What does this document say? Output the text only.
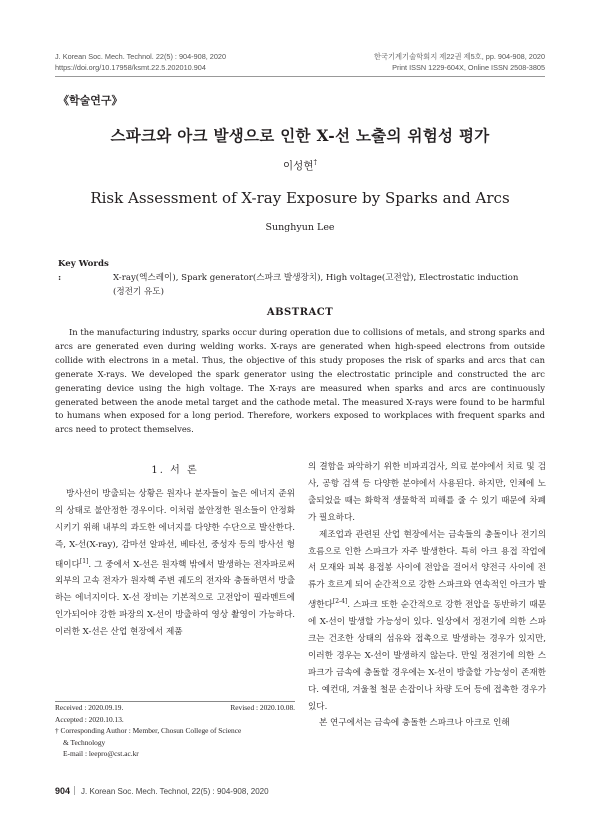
J. Korean Soc. Mech. Technol. 22(5) : 904-908, 2020
https://doi.org/10.17958/ksmt.22.5.202010.904
한국기계기술학회지 제22권 제5호, pp. 904-908, 2020
Print ISSN 1229-604X, Online ISSN 2508-3805
《학술연구》
스파크와 아크 발생으로 인한 X-선 노출의 위험성 평가
이성현†
Risk Assessment of X-ray Exposure by Sparks and Arcs
Sunghyun Lee
Key Words :	X-ray(엑스레이), Spark generator(스파크 발생장치), High voltage(고전압), Electrostatic induction
(정전기 유도)
ABSTRACT
In the manufacturing industry, sparks occur during operation due to collisions of metals, and strong sparks and arcs are generated even during welding works. X-rays are generated when high-speed electrons from outside collide with electrons in a metal. Thus, the objective of this study proposes the risk of sparks and arcs that can generate X-rays. We developed the spark generator using the electrostatic principle and constructed the arc generating device using the high voltage. The X-rays are measured when sparks and arcs are continuously generated between the anode metal target and the cathode metal. The measured X-rays were found to be harmful to humans when exposed for a long period. Therefore, workers exposed to workplaces with frequent sparks and arcs need to protect themselves.
1. 서 론

방사선이 방출되는 상황은 원자나 분자들이 높은 에너지 준위의 상태로 불안정한 경우이다. 이처럼 불안정한 원소들이 안정화시키기 위해 내부의 과도한 에너지를 다양한 수단으로 발산한다. 즉, X-선(X-ray), 감마선 알파선, 베타선, 중성자 등의 방사선 형태이다[1]. 그 중에서 X-선은 원자핵 밖에서 발생하는 전자파로써 외부의 고속 전자가 원자핵 주변 궤도의 전자와 충돌하면서 방출하는 에너지이다. X-선 장비는 기본적으로 고전압이 필라멘트에 인가되어야 강한 파장의 X-선이 방출하여 영상 촬영이 가능하다. 이러한 X-선은 산업 현장에서 제품

의 결함을 파악하기 위한 비파괴검사, 의료 분야에서 치료 및 검사, 공항 검색 등 다양한 분야에서 사용된다. 하지만, 인체에 노출되었을 때는 화학적 생물학적 피해를 줄 수 있기 때문에 차폐가 필요하다.

제조업과 관련된 산업 현장에서는 금속들의 충돌이나 전기의 흐름으로 인한 스파크가 자주 발생한다. 특히 아크 용접 작업에서 모재와 피복 용접봉 사이에 전압을 걸어서 양전극 사이에 전류가 흐르게 되어 순간적으로 강한 스파크와 연속적인 아크가 발생한다[2-4]. 스파크 또한 순간적으로 강한 전압을 동반하기 때문에 X-선이 발생할 가능성이 있다. 일상에서 정전기에 의한 스파크는 건조한 상태의 섬유와 접촉으로 발생하는 경우가 있지만, 이러한 경우는 X-선이 발생하지 않는다. 만일 정전기에 의한 스파크가 금속에 충돌할 경우에는 X-선이 방출할 가능성이 존재한다. 예컨대, 겨울철 철문 손잡이나 차량 도어 등에 접촉한 경우가 있다.

본 연구에서는 금속에 충돌한 스파크나 아크로 인해

Received : 2020.09.19.	Revised : 2020.10.08.
Accepted : 2020.10.13.
† Corresponding Author : Member, Chosun College of Science
& Technology
E-mail : leepro@cst.ac.kr
904 J. Korean Soc. Mech. Technol, 22(5) : 904-908, 2020
